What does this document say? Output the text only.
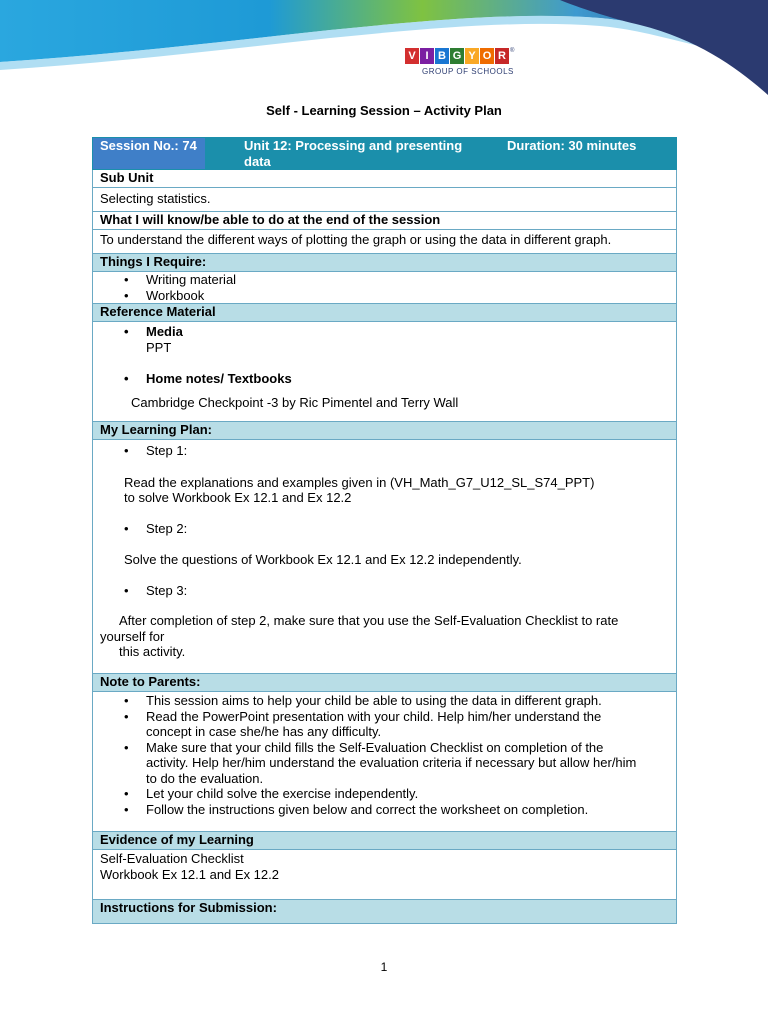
V I B G Y O R ®
GROUP OF SCHOOLS
Self - Learning Session – Activity Plan
Session No.: 74	Unit 12: Processing and presenting data	Duration: 30 minutes
Sub Unit
Selecting statistics.
What I will know/be able to do at the end of the session
To understand the different ways of plotting the graph or using the data in different graph.
Things I Require:

• Writing material
• Workbook

Reference Material

• Media
PPT
• Home notes/ Textbooks
Cambridge Checkpoint -3 by Ric Pimentel and Terry Wall

My Learning Plan:

• Step 1:
Read the explanations and examples given in (VH_Math_G7_U12_SL_S74_PPT)
to solve Workbook Ex 12.1 and Ex 12.2
• Step 2:
Solve the questions of Workbook Ex 12.1 and Ex 12.2 independently.
• Step 3:
After completion of step 2, make sure that you use the Self-Evaluation Checklist to rate
yourself for
this activity.

Note to Parents:

• This session aims to help your child be able to using the data in different graph.
• Read the PowerPoint presentation with your child. Help him/her understand the concept in case she/he has any difficulty.
• Make sure that your child fills the Self-Evaluation Checklist on completion of the activity. Help her/him understand the evaluation criteria if necessary but allow her/him to do the evaluation.
• Let your child solve the exercise independently.
• Follow the instructions given below and correct the worksheet on completion.

Evidence of my Learning

Self-Evaluation Checklist
Workbook Ex 12.1 and Ex 12.2

Instructions for Submission:
1
